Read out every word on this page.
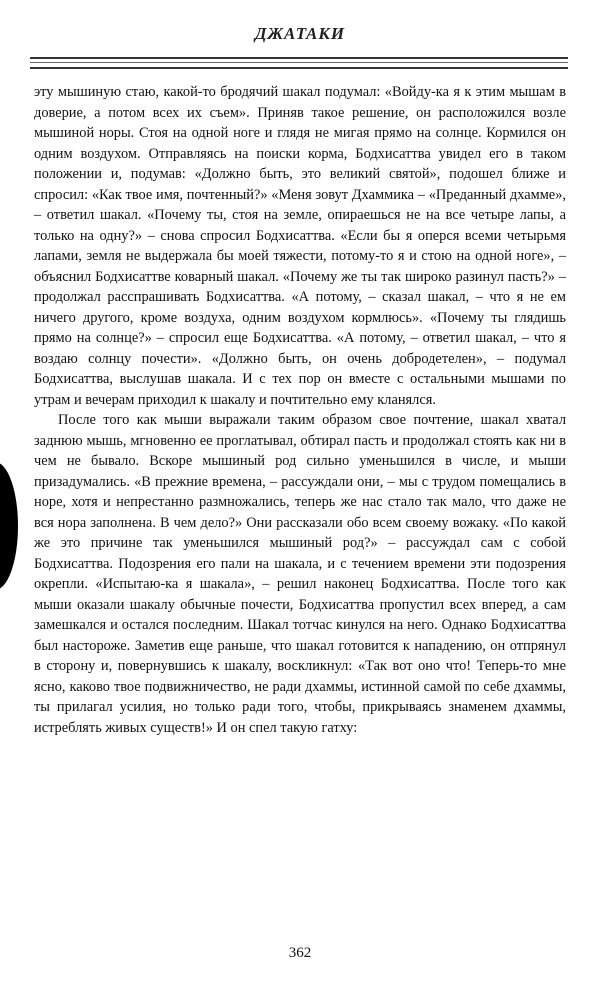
ДЖАТАКИ

эту мышиную стаю, какой-то бродячий шакал подумал: «Войду-ка я к этим мышам в доверие, а потом всех их съем». Приняв такое решение, он расположился возле мышиной норы. Стоя на одной ноге и глядя не мигая прямо на солнце. Кормился он одним воздухом. Отправляясь на поиски корма, Бодхисаттва увидел его в таком положении и, подумав: «Должно быть, это великий святой», подошел ближе и спросил: «Как твое имя, почтенный?» «Меня зовут Дхаммика – «Преданный дхамме», – ответил шакал. «Почему ты, стоя на земле, опираешься не на все четыре лапы, а только на одну?» – снова спросил Бодхисаттва. «Если бы я оперся всеми четырьмя лапами, земля не выдержала бы моей тяжести, потому-то я и стою на одной ноге», – объяснил Бодхисаттве коварный шакал. «Почему же ты так широко разинул пасть?» – продолжал расспрашивать Бодхисаттва. «А потому, – сказал шакал, – что я не ем ничего другого, кроме воздуха, одним воздухом кормлюсь». «Почему ты глядишь прямо на солнце?» – спросил еще Бодхисаттва. «А потому, – ответил шакал, – что я воздаю солнцу почести». «Должно быть, он очень добродетелен», – подумал Бодхисаттва, выслушав шакала. И с тех пор он вместе с остальными мышами по утрам и вечерам приходил к шакалу и почтительно ему кланялся.

После того как мыши выражали таким образом свое почтение, шакал хватал заднюю мышь, мгновенно ее проглатывал, обтирал пасть и продолжал стоять как ни в чем не бывало. Вскоре мышиный род сильно уменьшился в числе, и мыши призадумались. «В прежние времена, – рассуждали они, – мы с трудом помещались в норе, хотя и непрестанно размножались, теперь же нас стало так мало, что даже не вся нора заполнена. В чем дело?» Они рассказали обо всем своему вожаку. «По какой же это причине так уменьшился мышиный род?» – рассуждал сам с собой Бодхисаттва. Подозрения его пали на шакала, и с течением времени эти подозрения окрепли. «Испытаю-ка я шакала», – решил наконец Бодхисаттва. После того как мыши оказали шакалу обычные почести, Бодхисаттва пропустил всех вперед, а сам замешкался и остался последним. Шакал тотчас кинулся на него. Однако Бодхисаттва был настороже. Заметив еще раньше, что шакал готовится к нападению, он отпрянул в сторону и, повернувшись к шакалу, воскликнул: «Так вот оно что! Теперь-то мне ясно, каково твое подвижничество, не ради дхаммы, истинной самой по себе дхаммы, ты прилагал усилия, но только ради того, чтобы, прикрываясь знаменем дхаммы, истреблять живых существ!» И он спел такую гатху:

362
